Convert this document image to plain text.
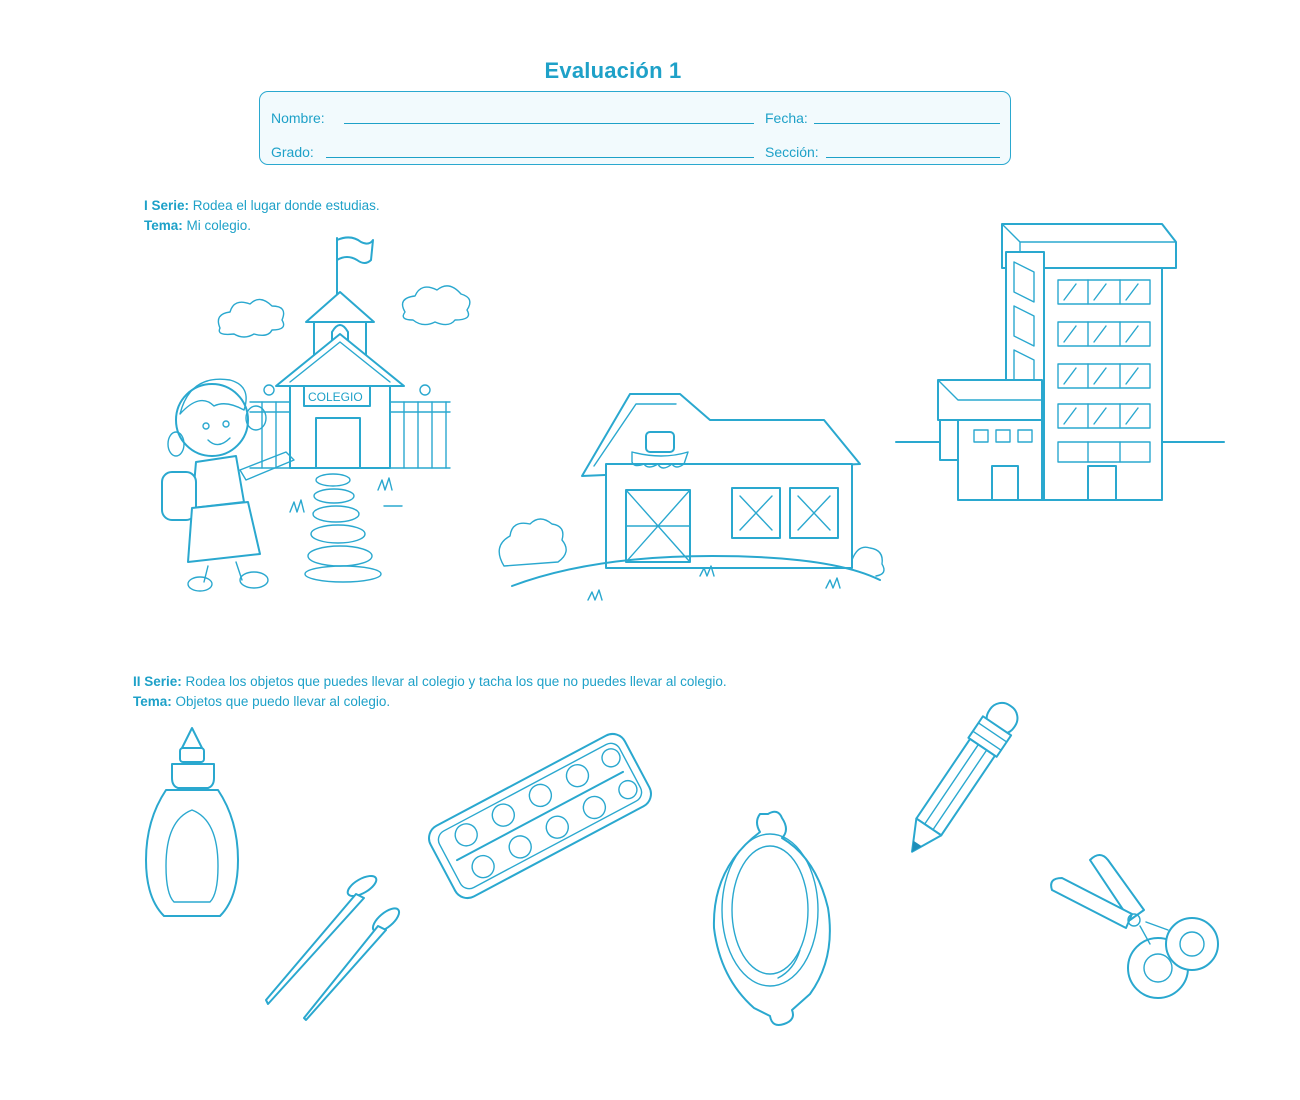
Evaluación 1
Nombre:	Fecha:
Grado:	Sección:
I Serie: Rodea el lugar donde estudias.
Tema: Mi colegio.
II Serie: Rodea los objetos que puedes llevar al colegio y tacha los que no puedes llevar al colegio.
Tema: Objetos que puedo llevar al colegio.
COLEGIO
